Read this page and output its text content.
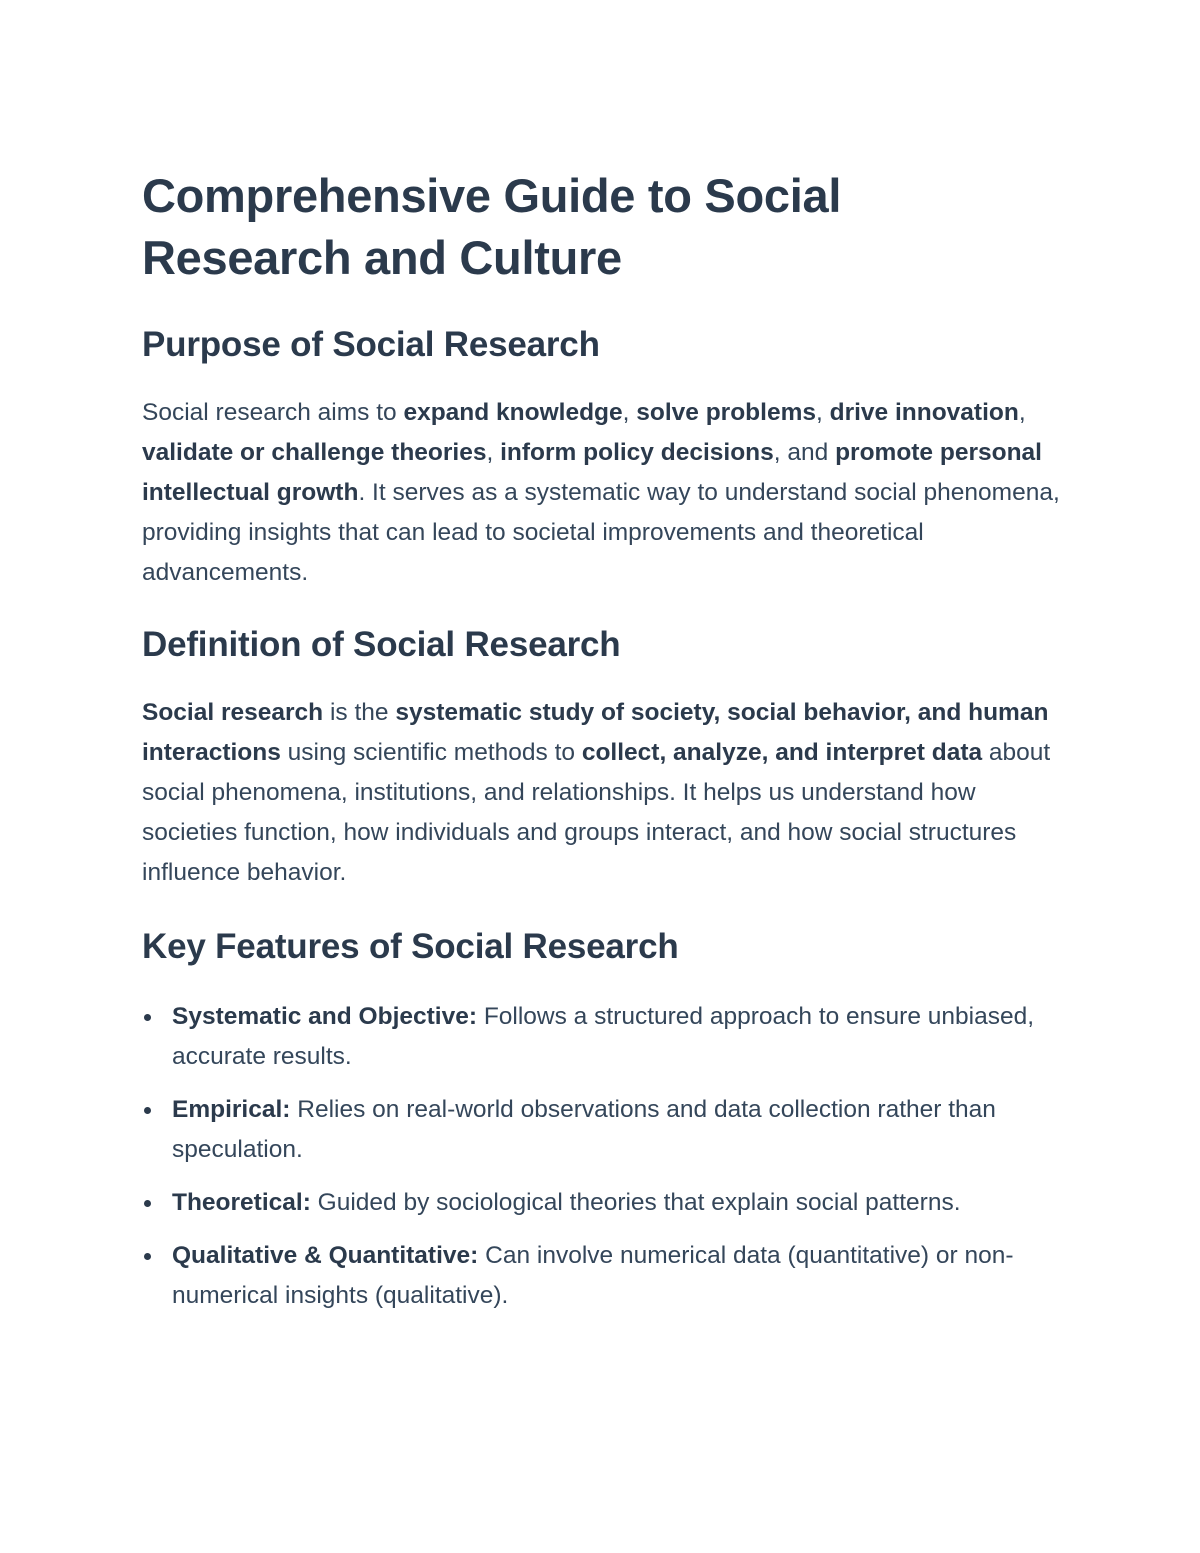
Comprehensive Guide to Social Research and Culture
Purpose of Social Research

Social research aims to expand knowledge, solve problems, drive innovation, validate or challenge theories, inform policy decisions, and promote personal intellectual growth. It serves as a systematic way to understand social phenomena, providing insights that can lead to societal improvements and theoretical advancements.

Definition of Social Research

Social research is the systematic study of society, social behavior, and human interactions using scientific methods to collect, analyze, and interpret data about social phenomena, institutions, and relationships. It helps us understand how societies function, how individuals and groups interact, and how social structures influence behavior.

Key Features of Social Research
Systematic and Objective: Follows a structured approach to ensure unbiased, accurate results.
Empirical: Relies on real-world observations and data collection rather than speculation.
Theoretical: Guided by sociological theories that explain social patterns.
Qualitative & Quantitative: Can involve numerical data (quantitative) or non-numerical insights (qualitative).
